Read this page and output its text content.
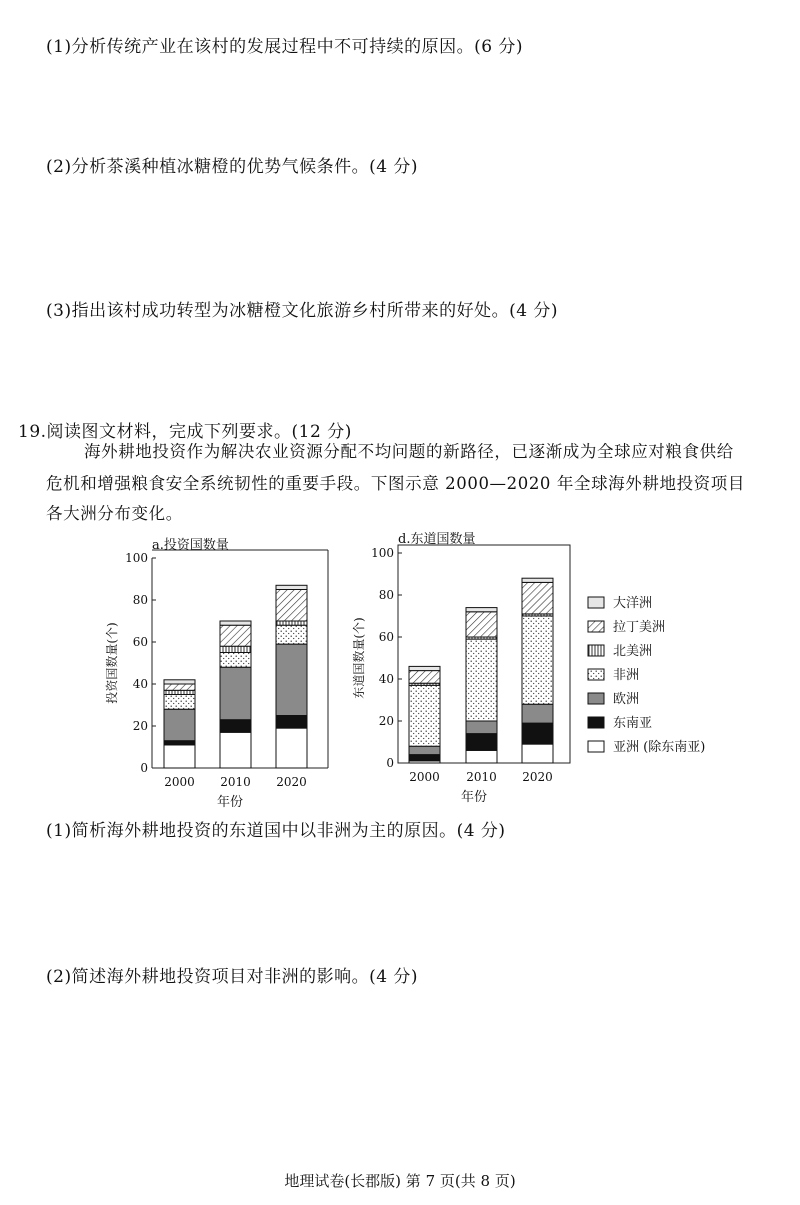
(1)分析传统产业在该村的发展过程中不可持续的原因。(6 分)
(2)分析茶溪种植冰糖橙的优势气候条件。(4 分)
(3)指出该村成功转型为冰糖橙文化旅游乡村所带来的好处。(4 分)
19.阅读图文材料，完成下列要求。(12 分)
海外耕地投资作为解决农业资源分配不均问题的新路径，已逐渐成为全球应对粮食供给
危机和增强粮食安全系统韧性的重要手段。下图示意 2000—2020 年全球海外耕地投资项目
各大洲分布变化。
a.投资国数量
0
20
40
60
80
100
投资国数量(个)
2000 2010 2020
年份
d.东道国数量
0
20
40
60
80
100
东道国数量(个)
2000 2010 2020
年份
大洋洲
拉丁美洲
北美洲
非洲
欧洲
东南亚
亚洲 (除东南亚)
(1)简析海外耕地投资的东道国中以非洲为主的原因。(4 分)
(2)简述海外耕地投资项目对非洲的影响。(4 分)
地理试卷(长郡版) 第 7 页(共 8 页)
